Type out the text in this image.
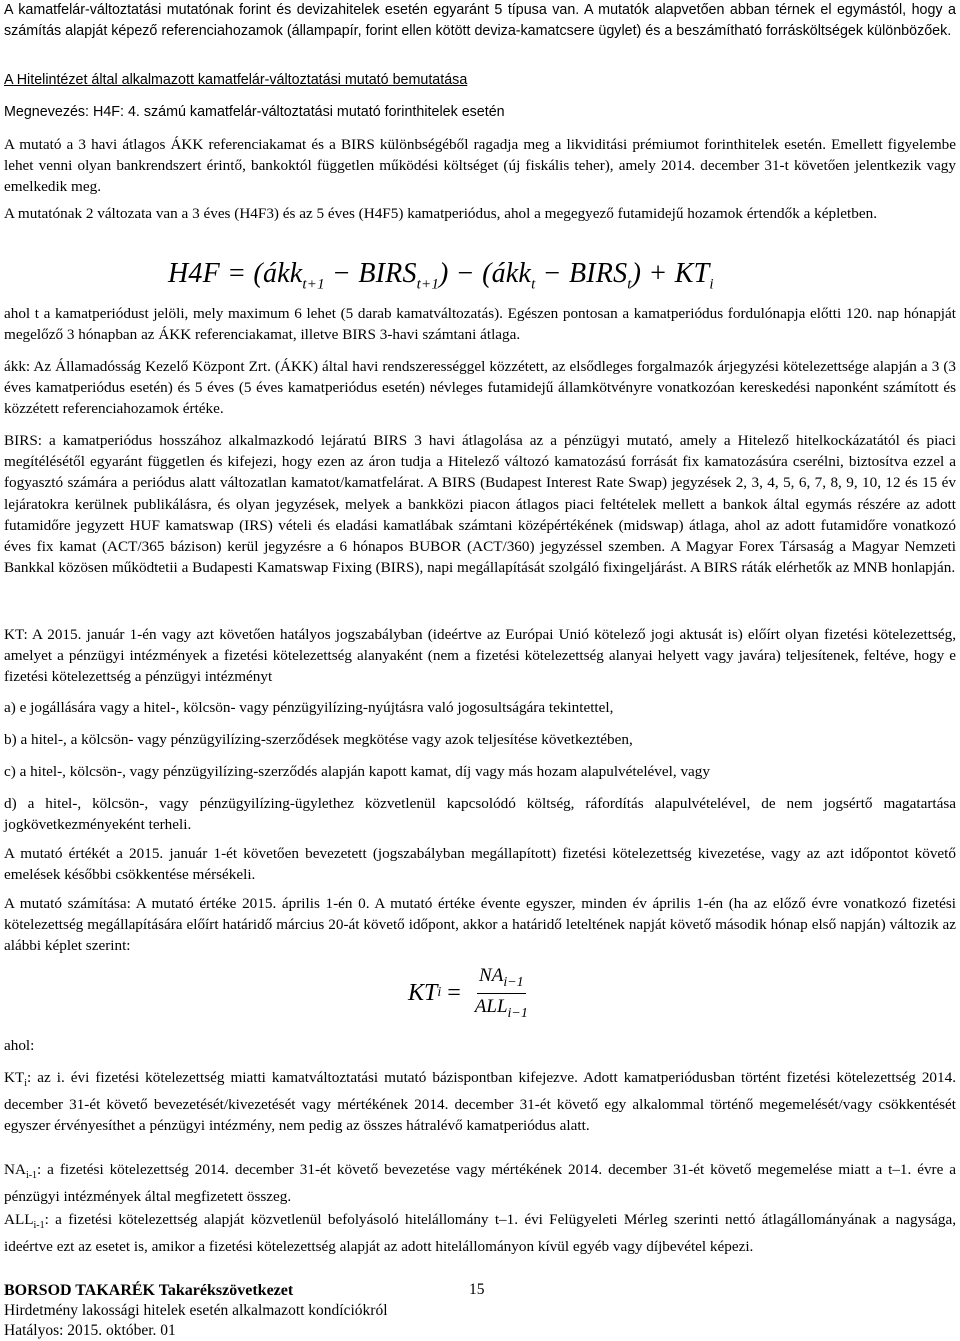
A kamatfelár-változtatási mutatónak forint és devizahitelek esetén egyaránt 5 típusa van. A mutatók alapvetően abban térnek el egymástól, hogy a számítás alapját képező referenciahozamok (állampapír, forint ellen kötött deviza-kamatcsere ügylet) és a beszámítható forrásköltségek különbözőek.

A Hitelintézet által alkalmazott kamatfelár-változtatási mutató bemutatása

Megnevezés: H4F: 4. számú kamatfelár-változtatási mutató forinthitelek esetén

A mutató a 3 havi átlagos ÁKK referenciakamat és a BIRS különbségéből ragadja meg a likviditási prémiumot forinthitelek esetén. Emellett figyelembe lehet venni olyan bankrendszert érintő, bankoktól független működési költséget (új fiskális teher), amely 2014. december 31-t követően jelentkezik vagy emelkedik meg.

A mutatónak 2 változata van a 3 éves (H4F3) és az 5 éves (H4F5) kamatperiódus, ahol a megegyező futamidejű hozamok értendők a képletben.

H4F = (ákk$_{t+1}$ − $BIRS_{t+1}$) − (ákk$_t$ − $BIRS_t) + KT_i$

ahol t a kamatperiódust jelöli, mely maximum 6 lehet (5 darab kamatváltozatás). Egészen pontosan a kamatperiódus fordulónapja előtti 120. nap hónapját megelőző 3 hónapban az ÁKK referenciakamat, illetve BIRS 3-havi számtani átlaga.

ákk: Az Államadósság Kezelő Központ Zrt. (ÁKK) által havi rendszerességgel közzétett, az elsődleges forgalmazók árjegyzési kötelezettsége alapján a 3 (3 éves kamatperiódus esetén) és 5 éves (5 éves kamatperiódus esetén) névleges futamidejű államkötvényre vonatkozóan kereskedési naponként számított és közzétett referenciahozamok értéke.

BIRS: a kamatperiódus hosszához alkalmazkodó lejáratú BIRS 3 havi átlagolása az a pénzügyi mutató, amely a Hitelező hitelkockázatától és piaci megítélésétől egyaránt független és kifejezi, hogy ezen az áron tudja a Hitelező változó kamatozású forrását fix kamatozásúra cserélni, biztosítva ezzel a fogyasztó számára a periódus alatt változatlan kamatot/kamatfelárat. A BIRS (Budapest Interest Rate Swap) jegyzések 2, 3, 4, 5, 6, 7, 8, 9, 10, 12 és 15 év lejáratokra kerülnek publikálásra, és olyan jegyzések, melyek a bankközi piacon átlagos piaci feltételek mellett a bankok által egymás részére az adott futamidőre jegyzett HUF kamatswap (IRS) vételi és eladási kamatlábak számtani középértékének (midswap) átlaga, ahol az adott futamidőre vonatkozó éves fix kamat (ACT/365 bázison) kerül jegyzésre a 6 hónapos BUBOR (ACT/360) jegyzéssel szemben. A Magyar Forex Társaság a Magyar Nemzeti Bankkal közösen működtetii a Budapesti Kamatswap Fixing (BIRS), napi megállapítását szolgáló fixingeljárást. A BIRS ráták elérhetők az MNB honlapján.

KT: A 2015. január 1-én vagy azt követően hatályos jogszabályban (ideértve az Európai Unió kötelező jogi aktusát is) előírt olyan fizetési kötelezettség, amelyet a pénzügyi intézmények a fizetési kötelezettség alanyaként (nem a fizetési kötelezettség alanyai helyett vagy javára) teljesítenek, feltéve, hogy e fizetési kötelezettség a pénzügyi intézményt

a) e jogállására vagy a hitel-, kölcsön- vagy pénzügyilízing-nyújtásra való jogosultságára tekintettel,

b) a hitel-, a kölcsön- vagy pénzügyilízing-szerződések megkötése vagy azok teljesítése következtében,

c) a hitel-, kölcsön-, vagy pénzügyilízing-szerződés alapján kapott kamat, díj vagy más hozam alapulvételével, vagy

d) a hitel-, kölcsön-, vagy pénzügyilízing-ügylethez közvetlenül kapcsolódó költség, ráfordítás alapulvételével, de nem jogsértő magatartása jogkövetkezményeként terheli.

A mutató értékét a 2015. január 1-ét követően bevezetett (jogszabályban megállapított) fizetési kötelezettség kivezetése, vagy az azt időpontot követő emelések későbbi csökkentése mérsékeli.

A mutató számítása: A mutató értéke 2015. április 1-én 0. A mutató értéke évente egyszer, minden év április 1-én (ha az előző évre vonatkozó fizetési kötelezettség megállapítására előírt határidő március 20-át követő időpont, akkor a határidő leteltének napját követő második hónap első napján) változik az alábbi képlet szerint:

KT $i = \frac{NA_{i-1}}{ALL_{i-1}}$

ahol:

$KT_i$: az i. évi fizetési kötelezettség miatti kamatváltoztatási mutató bázispontban kifejezve. Adott kamatperiódusban történt fizetési kötelezettség 2014. december 31-ét követő bevezetését/kivezetését vagy mértékének 2014. december 31-ét követő egy alkalommal történő megemelését/vagy csökkentését egyszer érvényesíthet a pénzügyi intézmény, nem pedig az összes hátralévő kamatperiódus alatt.

$NA_{i-1}$: a fizetési kötelezettség 2014. december 31-ét követő bevezetése vagy mértékének 2014. december 31-ét követő megemelése miatt a t–1. évre a pénzügyi intézmények által megfizetett összeg.

$ALL_{i-1}$: a fizetési kötelezettség alapját közvetlenül befolyásoló hitelállomány t–1. évi Felügyeleti Mérleg szerinti nettó átlagállományának a nagysága, ideértve ezt az esetet is, amikor a fizetési kötelezettség alapját az adott hitelállományon kívül egyéb vagy díjbevétel képezi.

BORSOD TAKARÉK Takarékszövetkezet
Hirdetmény lakossági hitelek esetén alkalmazott kondíciókról
Hatályos: 2015. október. 01
15
